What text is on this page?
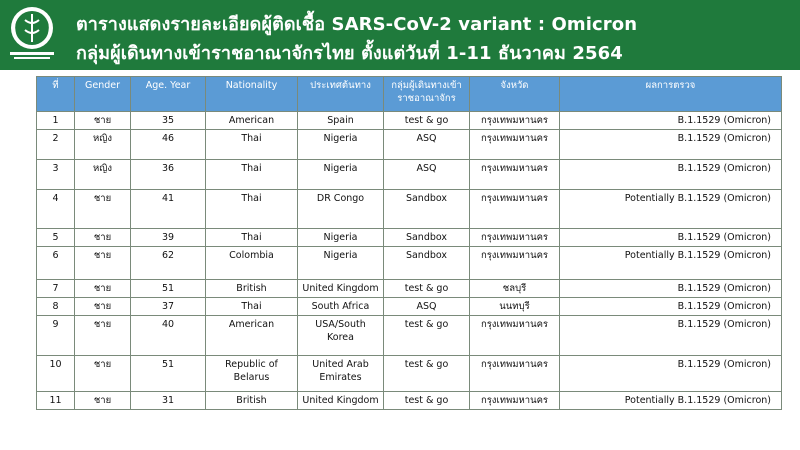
ตารางแสดงรายละเอียดผู้ติดเชื้อ SARS-CoV-2 variant : Omicron
กลุ่มผู้เดินทางเข้าราชอาณาจักรไทย ตั้งแต่วันที่ 1-11 ธันวาคม 2564
ที่	Gender	Age. Year	Nationality	ประเทศต้นทาง	กลุ่มผู้เดินทางเข้าราชอาณาจักร	จังหวัด	ผลการตรวจ
1	ชาย	35	American	Spain	test & go	กรุงเทพมหานคร	B.1.1529 (Omicron)
2	หญิง	46	Thai	Nigeria	ASQ	กรุงเทพมหานคร	B.1.1529 (Omicron)
3	หญิง	36	Thai	Nigeria	ASQ	กรุงเทพมหานคร	B.1.1529 (Omicron)
4	ชาย	41	Thai	DR Congo	Sandbox	กรุงเทพมหานคร	Potentially B.1.1529 (Omicron)
5	ชาย	39	Thai	Nigeria	Sandbox	กรุงเทพมหานคร	B.1.1529 (Omicron)
6	ชาย	62	Colombia	Nigeria	Sandbox	กรุงเทพมหานคร	Potentially B.1.1529 (Omicron)
7	ชาย	51	British	United Kingdom	test & go	ชลบุรี	B.1.1529 (Omicron)
8	ชาย	37	Thai	South Africa	ASQ	นนทบุรี	B.1.1529 (Omicron)
9	ชาย	40	American	USA/South Korea	test & go	กรุงเทพมหานคร	B.1.1529 (Omicron)
10	ชาย	51	Republic of Belarus	United Arab Emirates	test & go	กรุงเทพมหานคร	B.1.1529 (Omicron)
11	ชาย	31	British	United Kingdom	test & go	กรุงเทพมหานคร	Potentially B.1.1529 (Omicron)
